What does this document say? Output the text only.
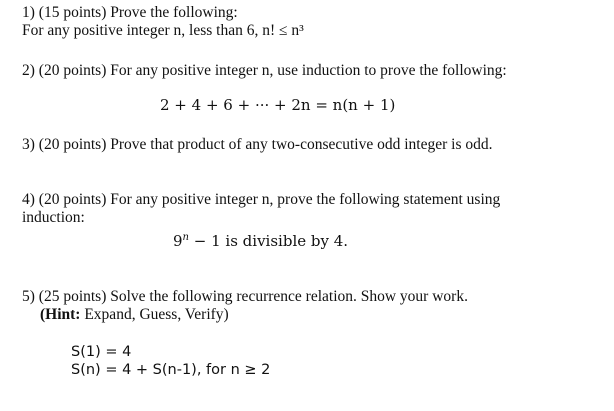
1) (15 points) Prove the following:
For any positive integer n, less than 6, n! ≤ n³
2) (20 points) For any positive integer n, use induction to prove the following:
2 + 4 + 6 + ··· + 2n = n(n + 1)
3) (20 points) Prove that product of any two-consecutive odd integer is odd.
4) (20 points) For any positive integer n, prove the following statement using
induction:
$9^n - 1$ is divisible by 4.
5) (25 points) Solve the following recurrence relation. Show your work.
(Hint: Expand, Guess, Verify)
S(1) = 4
S(n) = 4 + S(n-1), for n ≥ 2
